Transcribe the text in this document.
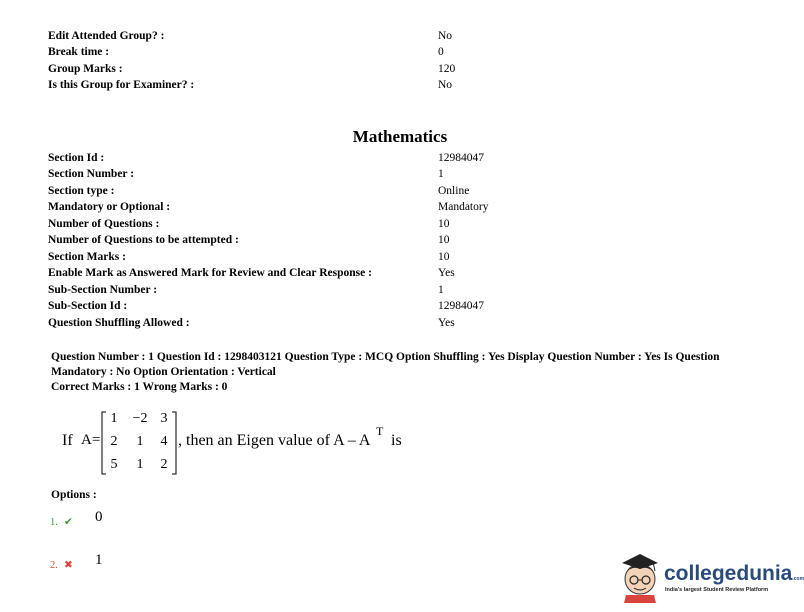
Edit Attended Group? :	No
Break time :	0
Group Marks :	120
Is this Group for Examiner? :	No
Mathematics
Section Id :	12984047
Section Number :	1
Section type :	Online
Mandatory or Optional :	Mandatory
Number of Questions :	10
Number of Questions to be attempted :	10
Section Marks :	10
Enable Mark as Answered Mark for Review and Clear Response :	Yes
Sub-Section Number :	1
Sub-Section Id :	12984047
Question Shuffling Allowed :	Yes
Question Number : 1 Question Id : 1298403121 Question Type : MCQ Option Shuffling : Yes Display Question Number : Yes Is Question
Mandatory : No Option Orientation : Vertical
Correct Marks : 1 Wrong Marks : 0
If A=
1	−2 3
2	1	4
5	1	2
, then an Eigen value of A – A
T
is
Options :
1. ✔ 0
2. ✖ 1
collegedunia.com
India's largest Student Review Platform
